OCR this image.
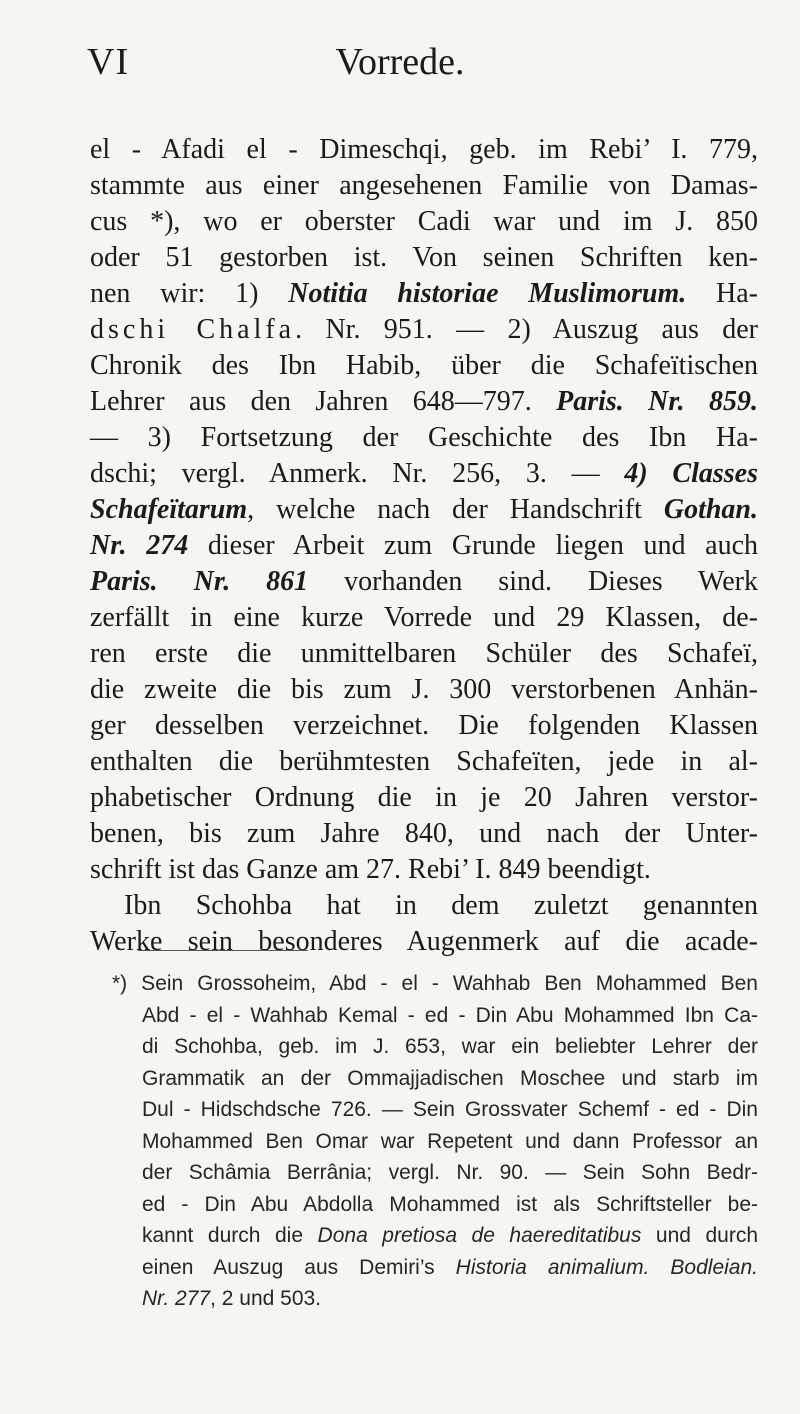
VI	Vorrede.
el - Afadi el - Dimeschqi, geb. im Rebi’ I. 779,
stammte aus einer angesehenen Familie von Damas-
cus *), wo er oberster Cadi war und im J. 850
oder 51 gestorben ist. Von seinen Schriften ken-
nen wir: 1) Notitia historiae Muslimorum. Ha-
dschi Chalfa. Nr. 951. — 2) Auszug aus der
Chronik des Ibn Habib, über die Schafeïtischen
Lehrer aus den Jahren 648—797. Paris. Nr. 859.
— 3) Fortsetzung der Geschichte des Ibn Ha-
dschi; vergl. Anmerk. Nr. 256, 3. — 4) Classes
Schafeïtarum, welche nach der Handschrift Gothan.
Nr. 274 dieser Arbeit zum Grunde liegen und auch
Paris. Nr. 861 vorhanden sind. Dieses Werk
zerfällt in eine kurze Vorrede und 29 Klassen, de-
ren erste die unmittelbaren Schüler des Schafeï,
die zweite die bis zum J. 300 verstorbenen Anhän-
ger desselben verzeichnet. Die folgenden Klassen
enthalten die berühmtesten Schafeïten, jede in al-
phabetischer Ordnung die in je 20 Jahren verstor-
benen, bis zum Jahre 840, und nach der Unter-
schrift ist das Ganze am 27. Rebi’ I. 849 beendigt.
Ibn Schohba hat in dem zuletzt genannten
Werke sein besonderes Augenmerk auf die acade-
*) Sein Grossoheim, Abd - el - Wahhab Ben Mohammed Ben
Abd - el - Wahhab Kemal - ed - Din Abu Mohammed Ibn Ca-
di Schohba, geb. im J. 653, war ein beliebter Lehrer der
Grammatik an der Ommajjadischen Moschee und starb im
Dul - Hidschdsche 726. — Sein Grossvater Schemf - ed - Din
Mohammed Ben Omar war Repetent und dann Professor an
der Schâmia Berrânia; vergl. Nr. 90. — Sein Sohn Bedr-
ed - Din Abu Abdolla Mohammed ist als Schriftsteller be-
kannt durch die Dona pretiosa de haereditatibus und durch
einen Auszug aus Demiri’s Historia animalium. Bodleian.
Nr. 277, 2 und 503.
